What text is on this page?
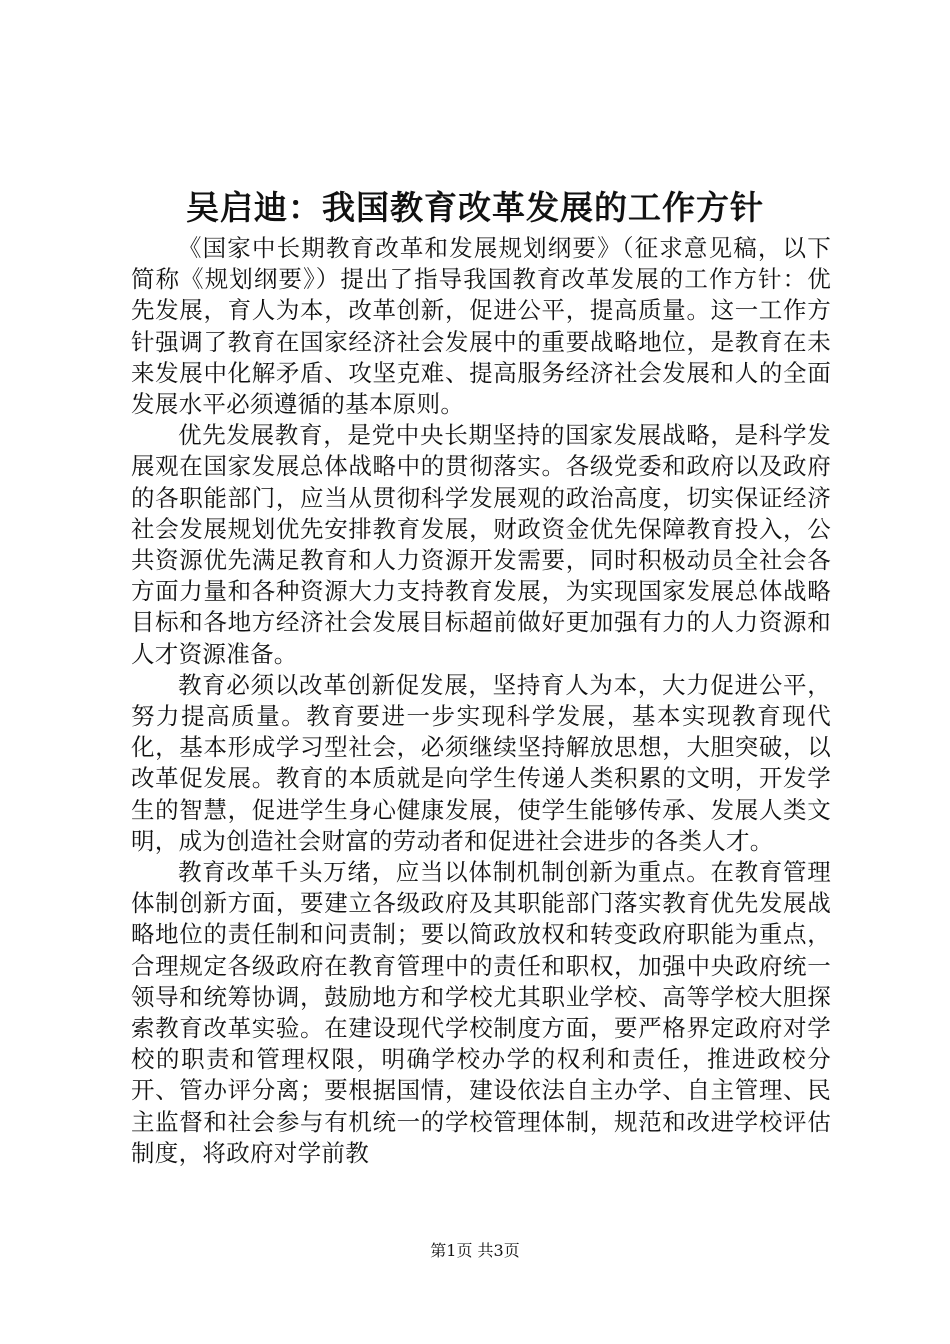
吴启迪：我国教育改革发展的工作方针

《国家中长期教育改革和发展规划纲要》（征求意见稿，以下简称《规划纲要》）提出了指导我国教育改革发展的工作方针：优先发展，育人为本，改革创新，促进公平，提高质量。这一工作方针强调了教育在国家经济社会发展中的重要战略地位，是教育在未来发展中化解矛盾、攻坚克难、提高服务经济社会发展和人的全面发展水平必须遵循的基本原则。

优先发展教育，是党中央长期坚持的国家发展战略，是科学发展观在国家发展总体战略中的贯彻落实。各级党委和政府以及政府的各职能部门，应当从贯彻科学发展观的政治高度，切实保证经济社会发展规划优先安排教育发展，财政资金优先保障教育投入，公共资源优先满足教育和人力资源开发需要，同时积极动员全社会各方面力量和各种资源大力支持教育发展，为实现国家发展总体战略目标和各地方经济社会发展目标超前做好更加强有力的人力资源和人才资源准备。

教育必须以改革创新促发展，坚持育人为本，大力促进公平，努力提高质量。教育要进一步实现科学发展，基本实现教育现代化，基本形成学习型社会，必须继续坚持解放思想，大胆突破，以改革促发展。教育的本质就是向学生传递人类积累的文明，开发学生的智慧，促进学生身心健康发展，使学生能够传承、发展人类文明，成为创造社会财富的劳动者和促进社会进步的各类人才。

教育改革千头万绪，应当以体制机制创新为重点。在教育管理体制创新方面，要建立各级政府及其职能部门落实教育优先发展战略地位的责任制和问责制；要以简政放权和转变政府职能为重点，合理规定各级政府在教育管理中的责任和职权，加强中央政府统一领导和统筹协调，鼓励地方和学校尤其职业学校、高等学校大胆探索教育改革实验。在建设现代学校制度方面，要严格界定政府对学校的职责和管理权限，明确学校办学的权利和责任，推进政校分开、管办评分离；要根据国情，建设依法自主办学、自主管理、民主监督和社会参与有机统一的学校管理体制，规范和改进学校评估制度，将政府对学前教

第1页 共3页
